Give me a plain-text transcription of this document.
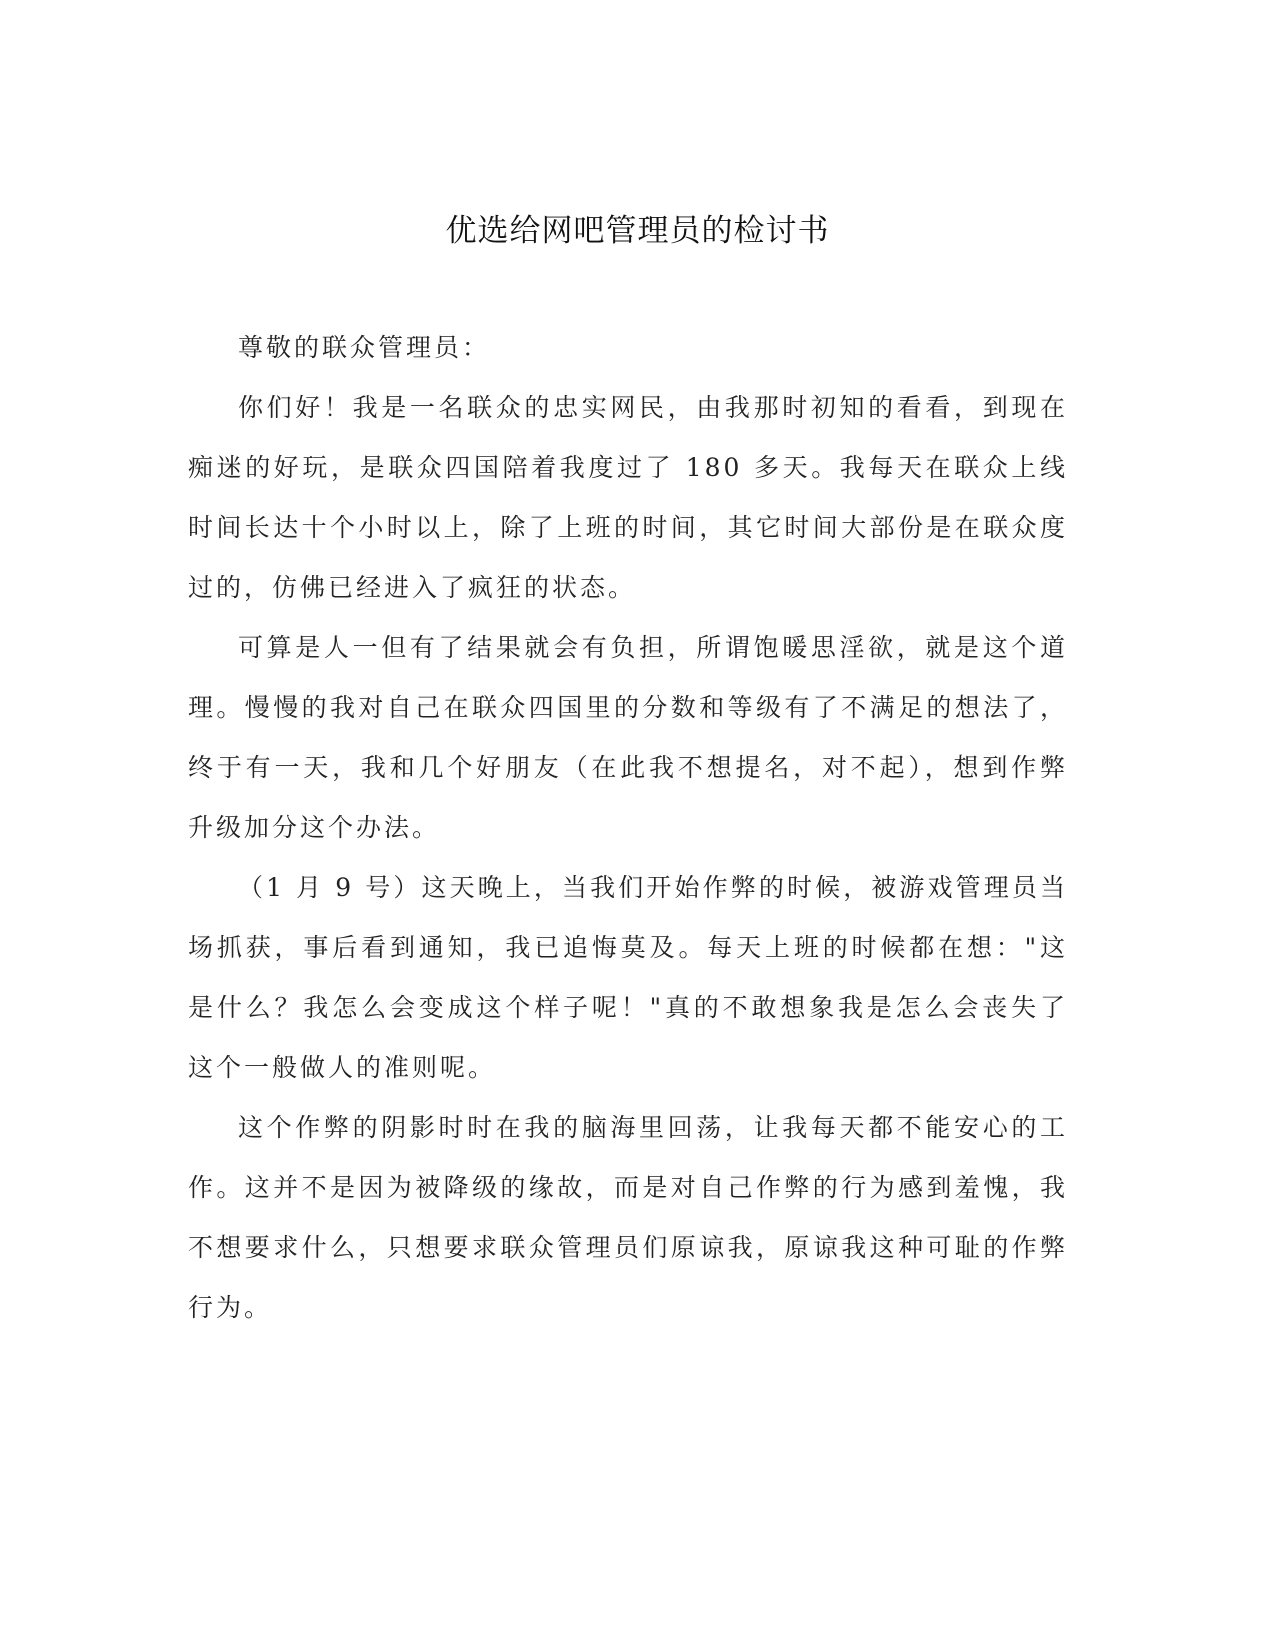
优选给网吧管理员的检讨书

尊敬的联众管理员：

你们好！我是一名联众的忠实网民，由我那时初知的看看，到现在痴迷的好玩，是联众四国陪着我度过了 180 多天。我每天在联众上线时间长达十个小时以上，除了上班的时间，其它时间大部份是在联众度过的，仿佛已经进入了疯狂的状态。

可算是人一但有了结果就会有负担，所谓饱暖思淫欲，就是这个道理。慢慢的我对自己在联众四国里的分数和等级有了不满足的想法了，终于有一天，我和几个好朋友（在此我不想提名，对不起），想到作弊升级加分这个办法。

（1 月 9 号）这天晚上，当我们开始作弊的时候，被游戏管理员当场抓获，事后看到通知，我已追悔莫及。每天上班的时候都在想："这是什么？我怎么会变成这个样子呢！"真的不敢想象我是怎么会丧失了这个一般做人的准则呢。

这个作弊的阴影时时在我的脑海里回荡，让我每天都不能安心的工作。这并不是因为被降级的缘故，而是对自己作弊的行为感到羞愧，我不想要求什么，只想要求联众管理员们原谅我，原谅我这种可耻的作弊行为。
